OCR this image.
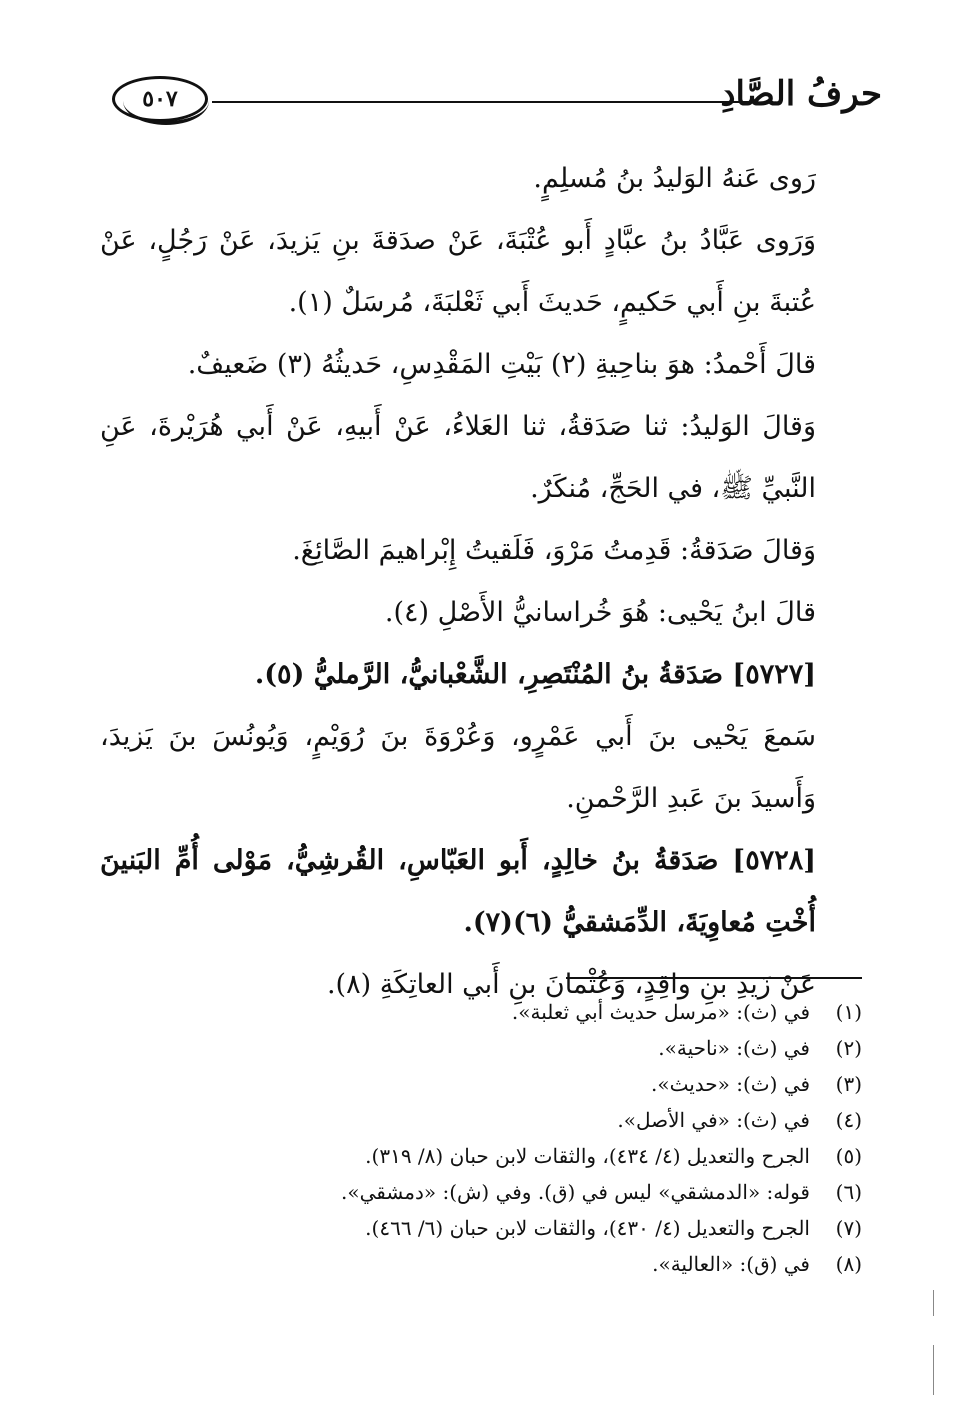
٥٠٧	حرفُ الصَّادِ

رَوى عَنهُ الوَليدُ بنُ مُسلِمٍ.

وَرَوى عَبَّادُ بنُ عبَّادٍ أَبو عُتْبَةَ، عَنْ صدَقةَ بنِ يَزيدَ، عَنْ رَجُلٍ، عَنْ عُتبةَ بنِ أَبي حَكيمٍ، حَديثَ أَبي ثَعْلبَةَ، مُرسَلٌ (١).

قالَ أَحْمدُ: هوَ بناحِيةِ (٢) بَيْتِ المَقْدِسِ، حَديثُهُ (٣) ضَعيفٌ.

وَقالَ الوَليدُ: ثنا صَدَقةُ، ثنا العَلاءُ، عَنْ أَبيهِ، عَنْ أَبي هُرَيْرةَ، عَنِ النَّبيِّ ﷺ، في الحَجِّ، مُنكَرٌ.

وَقالَ صَدَقةُ: قَدِمتُ مَرْوَ، فَلَقيتُ إِبْراهيمَ الصَّائِغَ.

قالَ ابنُ يَحْيى: هُوَ خُراسانيُّ الأَصْلِ (٤).

[٥٧٢٧] صَدَقةُ بنُ المُنْتَصِرِ، الشَّعْبانيُّ، الرَّمليُّ (٥).

سَمعَ يَحْيى بنَ أَبي عَمْرٍو، وَعُرْوَةَ بنَ رُوَيْمٍ، وَيُونُسَ بنَ يَزيدَ، وَأَسيدَ بنَ عَبدِ الرَّحْمنِ.

[٥٧٢٨] صَدَقةُ بنُ خالِدٍ، أَبو العَبّاسِ، القُرشِيُّ، مَوْلى أُمِّ البَنينَ أُخْتِ مُعاوِيَةَ، الدِّمَشقيُّ (٦)(٧).

عَنْ زَيدِ بنِ واقِدٍ، وَعُثْمانَ بنِ أَبي العاتِكَةِ (٨).

(١)في (ث): «مرسل حديث أبي ثعلبة».
(٢)في (ث): «ناحية».
(٣)في (ث): «حديث».
(٤)في (ث): «في الأصل».
(٥)الجرح والتعديل (٤/ ٤٣٤)، والثقات لابن حبان (٨/ ٣١٩).
(٦)قوله: «الدمشقي» ليس في (ق). وفي (ش): «دمشقي».
(٧)الجرح والتعديل (٤/ ٤٣٠)، والثقات لابن حبان (٦/ ٤٦٦).
(٨)في (ق): «العالية».
